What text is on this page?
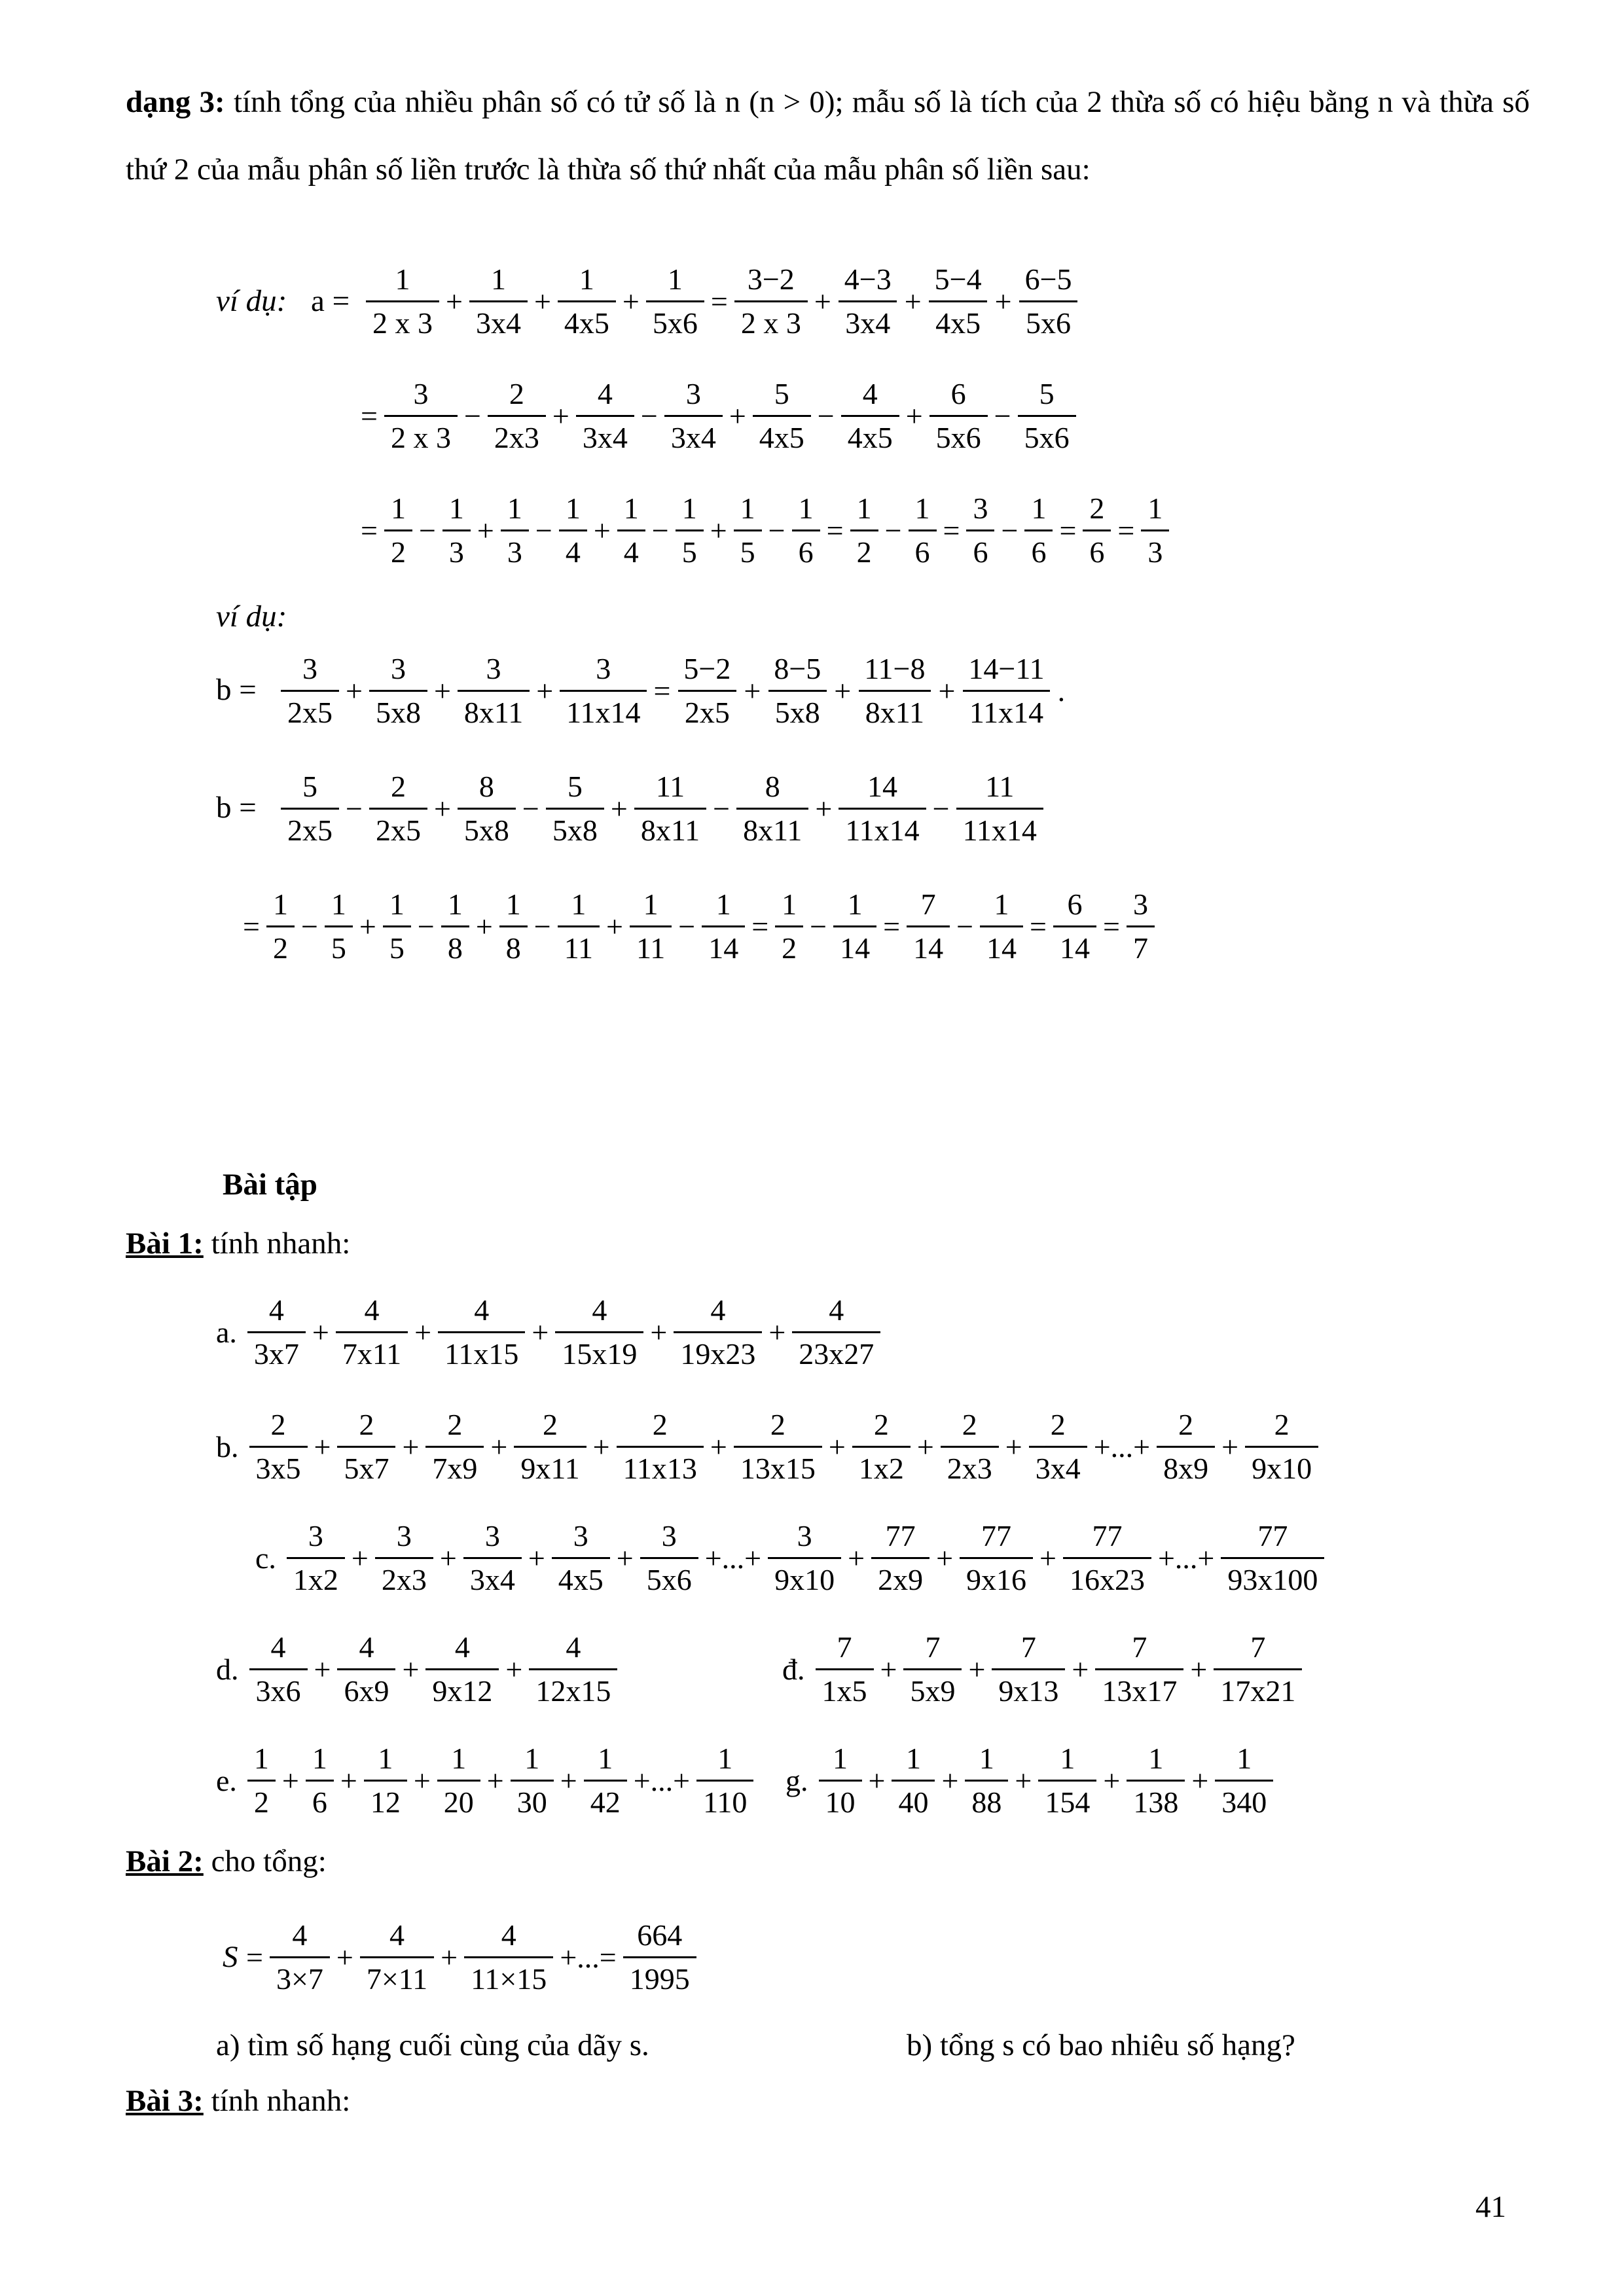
dạng 3: tính tổng của nhiều phân số có tử số là n (n > 0); mẫu số là tích của 2 thừa số có hiệu bằng n và thừa số thứ 2 của mẫu phân số liền trước là thừa số thứ nhất của mẫu phân số liền sau:
ví dụ: $a = \frac{1}{2 x 3} + \frac{1}{3x4} + \frac{1}{4x5} + \frac{1}{5x6} = \frac{3-2}{2 x 3} + \frac{4-3}{3x4} + \frac{5-4}{4x5} + \frac{6-5}{5x6}$
= $\frac{3}{2 x 3} - \frac{2}{2x3} + \frac{4}{3x4} - \frac{3}{3x4} + \frac{5}{4x5} - \frac{4}{4x5} + \frac{6}{5x6} - \frac{5}{5x6}$
= $\frac{1}{2} - \frac{1}{3} + \frac{1}{3} - \frac{1}{4} + \frac{1}{4} - \frac{1}{5} + \frac{1}{5} - \frac{1}{6} = \frac{1}{2} - \frac{1}{6} = \frac{3}{6} - \frac{1}{6} = \frac{2}{6} = \frac{1}{3}$
ví dụ:
$b = \frac{3}{2x5} + \frac{3}{5x8} + \frac{3}{8x11} + \frac{3}{11x14} = \frac{5-2}{2x5} + \frac{8-5}{5x8} + \frac{11-8}{8x11} + \frac{14-11}{11x14}$ .
$b = \frac{5}{2x5} - \frac{2}{2x5} + \frac{8}{5x8} - \frac{5}{5x8} + \frac{11}{8x11} - \frac{8}{8x11} + \frac{14}{11x14} - \frac{11}{11x14}$
= $\frac{1}{2} - \frac{1}{5} + \frac{1}{5} - \frac{1}{8} + \frac{1}{8} - \frac{1}{11} + \frac{1}{11} - \frac{1}{14} = \frac{1}{2} - \frac{1}{14} = \frac{7}{14} - \frac{1}{14} = \frac{6}{14} = \frac{3}{7}$
Bài tập
Bài 1: tính nhanh:
a. $\frac{4}{3x7} + \frac{4}{7x11} + \frac{4}{11x15} + \frac{4}{15x19} + \frac{4}{19x23} + \frac{4}{23x27}$
b. $\frac{2}{3x5} + \frac{2}{5x7} + \frac{2}{7x9} + \frac{2}{9x11} + \frac{2}{11x13} + \frac{2}{13x15} + \frac{2}{1x2} + \frac{2}{2x3} + \frac{2}{3x4}$ +...+ $\frac{2}{8x9} + \frac{2}{9x10}$
c. $\frac{3}{1x2} + \frac{3}{2x3} + \frac{3}{3x4} + \frac{3}{4x5} + \frac{3}{5x6}$ +...+ $\frac{3}{9x10} + \frac{77}{2x9} + \frac{77}{9x16} + \frac{77}{16x23}$ +...+ $\frac{77}{93x100}$
d. $\frac{4}{3x6} + \frac{4}{6x9} + \frac{4}{9x12} + \frac{4}{12x15}$	đ. $\frac{7}{1x5} + \frac{7}{5x9} + \frac{7}{9x13} + \frac{7}{13x17} + \frac{7}{17x21}$
e. $\frac{1}{2} + \frac{1}{6} + \frac{1}{12} + \frac{1}{20} + \frac{1}{30} + \frac{1}{42}$ +...+ $\frac{1}{110} g$. $\frac{1}{10} + \frac{1}{40} + \frac{1}{88} + \frac{1}{154} + \frac{1}{138} + \frac{1}{340}$
Bài 2: cho tổng:
$S = \frac{4}{3\times 7} + \frac{4}{7\times 11} + \frac{4}{11\times 15}$ +...= $\frac{664}{1995}$
a) tìm số hạng cuối cùng của dãy s.	b) tổng s có bao nhiêu số hạng?
Bài 3: tính nhanh:
41
